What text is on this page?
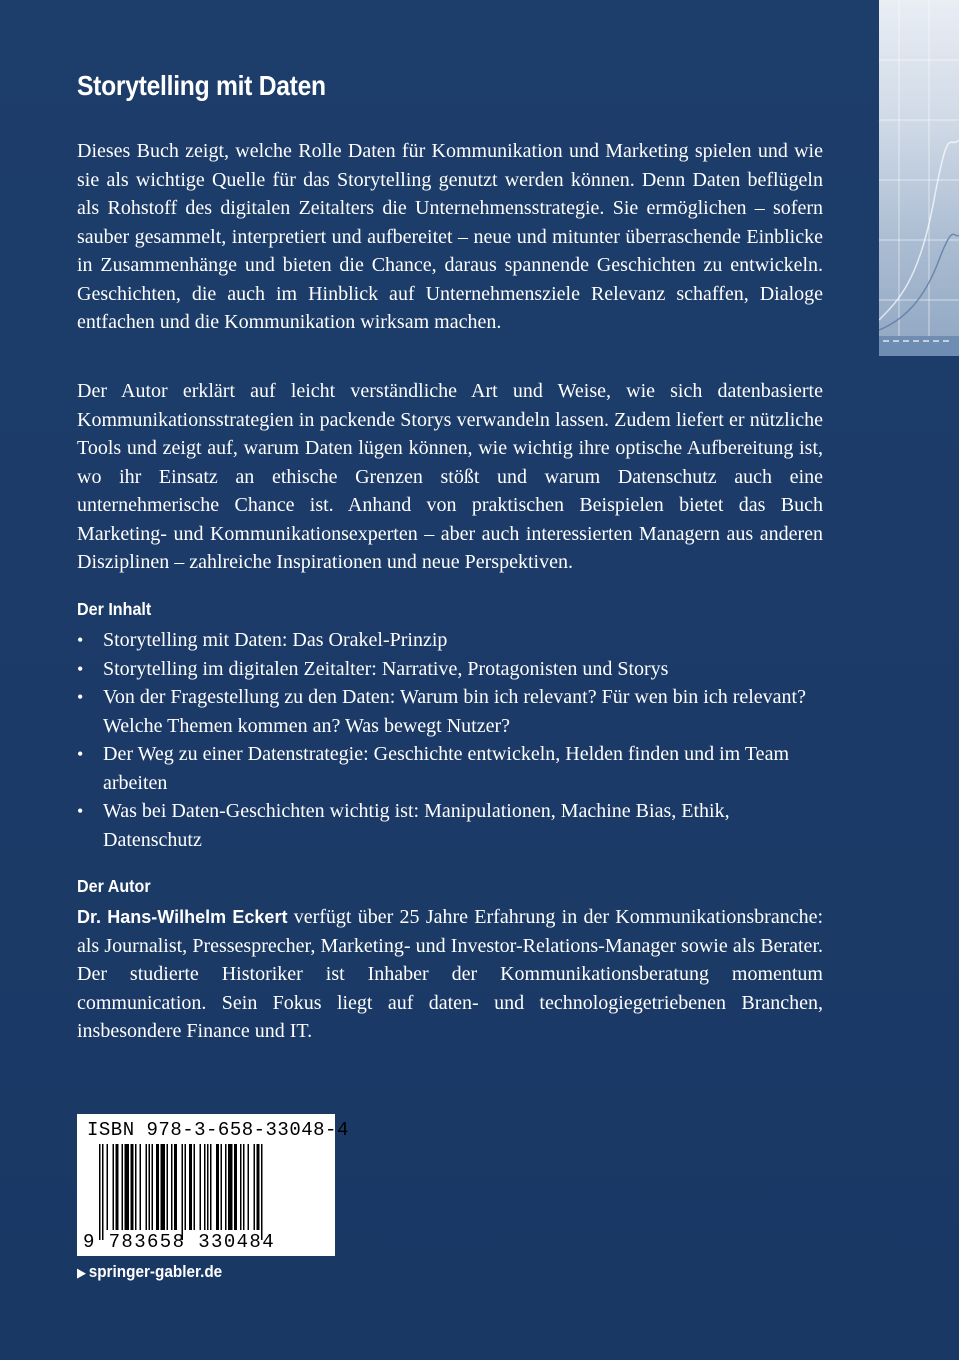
Storytelling mit Daten

Dieses Buch zeigt, welche Rolle Daten für Kommunikation und Marketing spielen und wie sie als wichtige Quelle für das Storytelling genutzt werden können. Denn Daten beflügeln als Rohstoff des digitalen Zeitalters die Unternehmensstrategie. Sie ermöglichen – sofern sauber gesammelt, interpretiert und aufbereitet – neue und mitunter überraschende Einblicke in Zusammenhänge und bieten die Chance, daraus spannende Geschichten zu entwickeln. Geschichten, die auch im Hinblick auf Unternehmensziele Relevanz schaffen, Dialoge entfachen und die Kommunikation wirksam machen.

Der Autor erklärt auf leicht verständliche Art und Weise, wie sich datenbasierte Kommunikationsstrategien in packende Storys verwandeln lassen. Zudem liefert er nützliche Tools und zeigt auf, warum Daten lügen können, wie wichtig ihre optische Aufbereitung ist, wo ihr Einsatz an ethische Grenzen stößt und warum Datenschutz auch eine unternehmerische Chance ist. Anhand von praktischen Beispielen bietet das Buch Marketing- und Kommunikationsexperten – aber auch interessierten Managern aus anderen Disziplinen – zahlreiche Inspirationen und neue Perspektiven.

Der Inhalt
• Storytelling mit Daten: Das Orakel-Prinzip
• Storytelling im digitalen Zeitalter: Narrative, Protagonisten und Storys
• Von der Fragestellung zu den Daten: Warum bin ich relevant? Für wen bin ich relevant? Welche Themen kommen an? Was bewegt Nutzer?
• Der Weg zu einer Datenstrategie: Geschichte entwickeln, Helden finden und im Team arbeiten
• Was bei Daten-Geschichten wichtig ist: Manipulationen, Machine Bias, Ethik, Datenschutz
Der Autor

Dr. Hans-Wilhelm Eckert verfügt über 25 Jahre Erfahrung in der Kommunikationsbranche: als Journalist, Pressesprecher, Marketing- und Investor-Relations-Manager sowie als Berater. Der studierte Historiker ist Inhaber der Kommunikationsberatung momentum communication. Sein Fokus liegt auf daten- und technologiegetriebenen Branchen, insbesondere Finance und IT.

ISBN 978-3-658-33048-4
9 783658 330484
▶ springer-gabler.de
